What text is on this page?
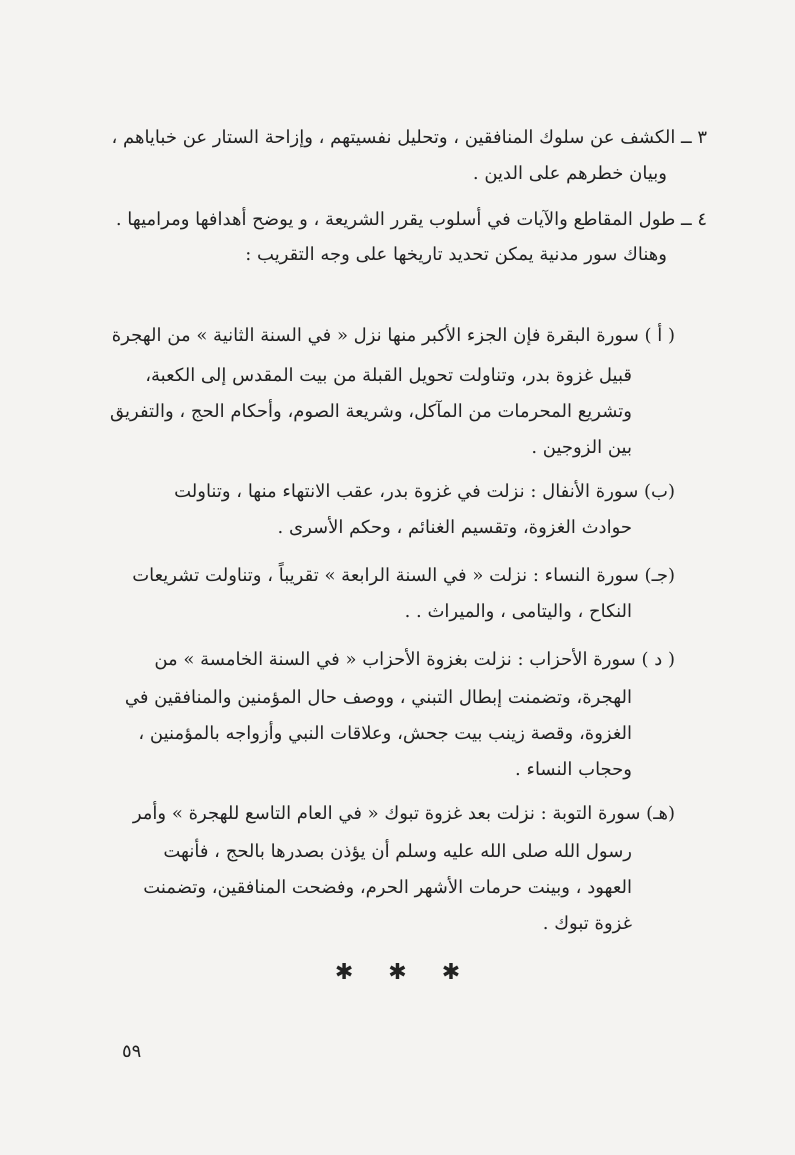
٣ ــ الكشف عن سلوك المنافقين ، وتحليل نفسيتهم ، وإزاحة الستار عن خباياهم ،
وبيان خطرهم على الدين .
٤ ــ طول المقاطع والآيات في أسلوب يقرر الشريعة ، و يوضح أهدافها ومراميها .
وهناك سور مدنية يمكن تحديد تاريخها على وجه التقريب :
( أ ) سورة البقرة فإن الجزء الأكبر منها نزل « في السنة الثانية » من الهجرة
قبيل غزوة بدر، وتناولت تحويل القبلة من بيت المقدس إلى الكعبة،
وتشريع المحرمات من المآكل، وشريعة الصوم، وأحكام الحج ، والتفريق
بين الزوجين .
(ب) سورة الأنفال : نزلت في غزوة بدر، عقب الانتهاء منها ، وتناولت
حوادث الغزوة، وتقسيم الغنائم ، وحكم الأسرى .
(جـ) سورة النساء : نزلت « في السنة الرابعة » تقريباً ، وتناولت تشريعات
النكاح ، واليتامى ، والميراث . .
( د ) سورة الأحزاب : نزلت بغزوة الأحزاب « في السنة الخامسة » من
الهجرة، وتضمنت إبطال التبني ، ووصف حال المؤمنين والمنافقين في
الغزوة، وقصة زينب بيت جحش، وعلاقات النبي وأزواجه بالمؤمنين ،
وحجاب النساء .
(هـ) سورة التوبة : نزلت بعد غزوة تبوك « في العام التاسع للهجرة » وأمر
رسول الله صلى الله عليه وسلم أن يؤذن بصدرها بالحج ، فأنهت
العهود ، وبينت حرمات الأشهر الحرم، وفضحت المنافقين، وتضمنت
غزوة تبوك .
✱ ✱ ✱
٥٩
